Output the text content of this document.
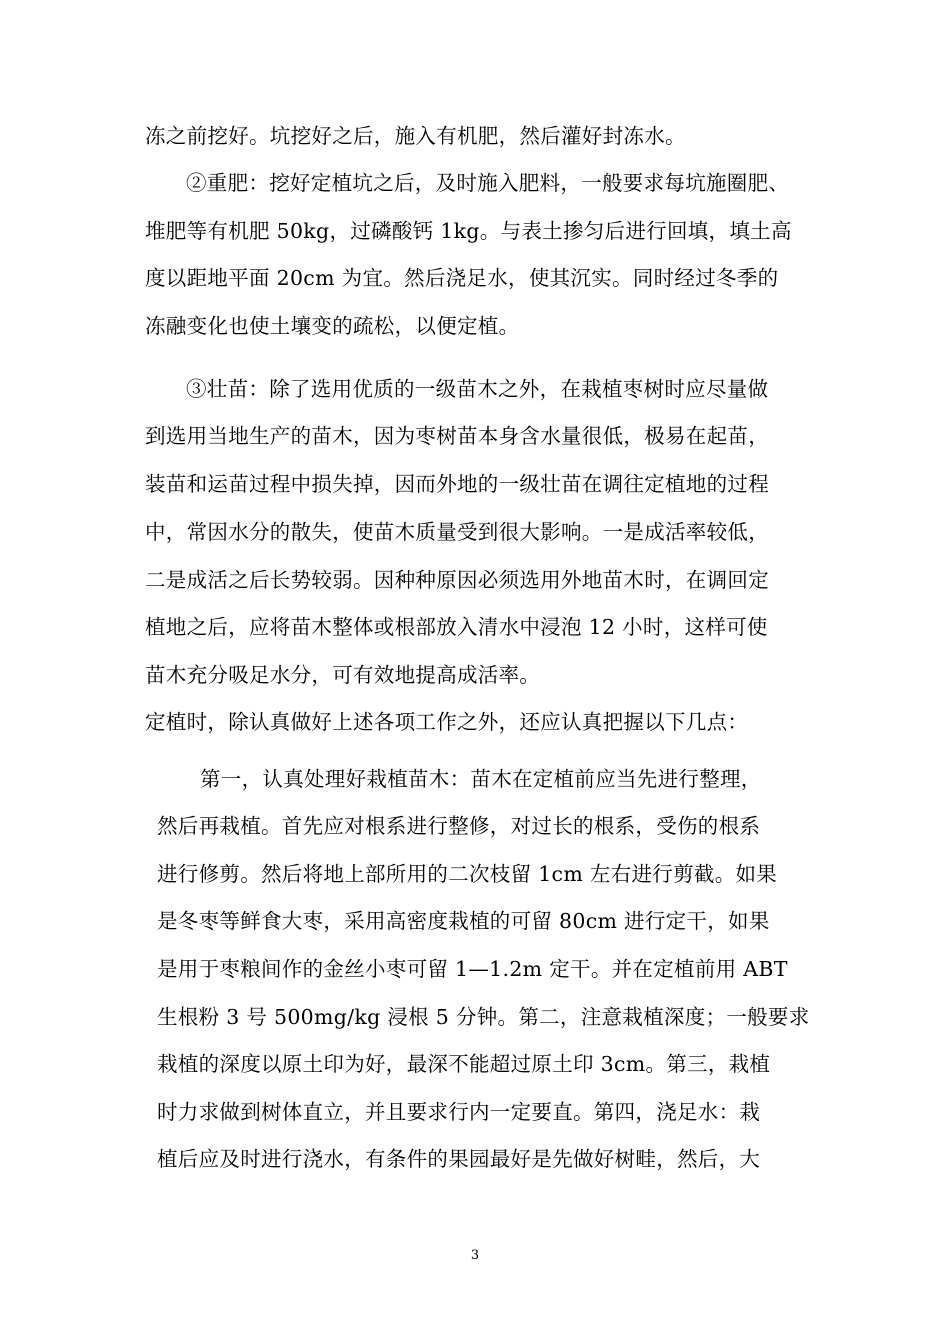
冻之前挖好。坑挖好之后，施入有机肥，然后灌好封冻水。
②重肥：挖好定植坑之后，及时施入肥料，一般要求每坑施圈肥、
堆肥等有机肥 50kg，过磷酸钙 1kg。与表土掺匀后进行回填，填土高
度以距地平面 20cm 为宜。然后浇足水，使其沉实。同时经过冬季的
冻融变化也使土壤变的疏松，以便定植。
③壮苗：除了选用优质的一级苗木之外，在栽植枣树时应尽量做
到选用当地生产的苗木，因为枣树苗本身含水量很低，极易在起苗，
装苗和运苗过程中损失掉，因而外地的一级壮苗在调往定植地的过程
中，常因水分的散失，使苗木质量受到很大影响。一是成活率较低，
二是成活之后长势较弱。因种种原因必须选用外地苗木时，在调回定
植地之后，应将苗木整体或根部放入清水中浸泡 12 小时，这样可使
苗木充分吸足水分，可有效地提高成活率。
定植时，除认真做好上述各项工作之外，还应认真把握以下几点：
第一，认真处理好栽植苗木：苗木在定植前应当先进行整理，
然后再栽植。首先应对根系进行整修，对过长的根系，受伤的根系
进行修剪。然后将地上部所用的二次枝留 1cm 左右进行剪截。如果
是冬枣等鲜食大枣，采用高密度栽植的可留 80cm 进行定干，如果
是用于枣粮间作的金丝小枣可留 1—1.2m 定干。并在定植前用 ABT
生根粉 3 号 500mg/kg 浸根 5 分钟。第二，注意栽植深度；一般要求
栽植的深度以原土印为好，最深不能超过原土印 3cm。第三，栽植
时力求做到树体直立，并且要求行内一定要直。第四，浇足水：栽
植后应及时进行浇水，有条件的果园最好是先做好树畦，然后，大
3
